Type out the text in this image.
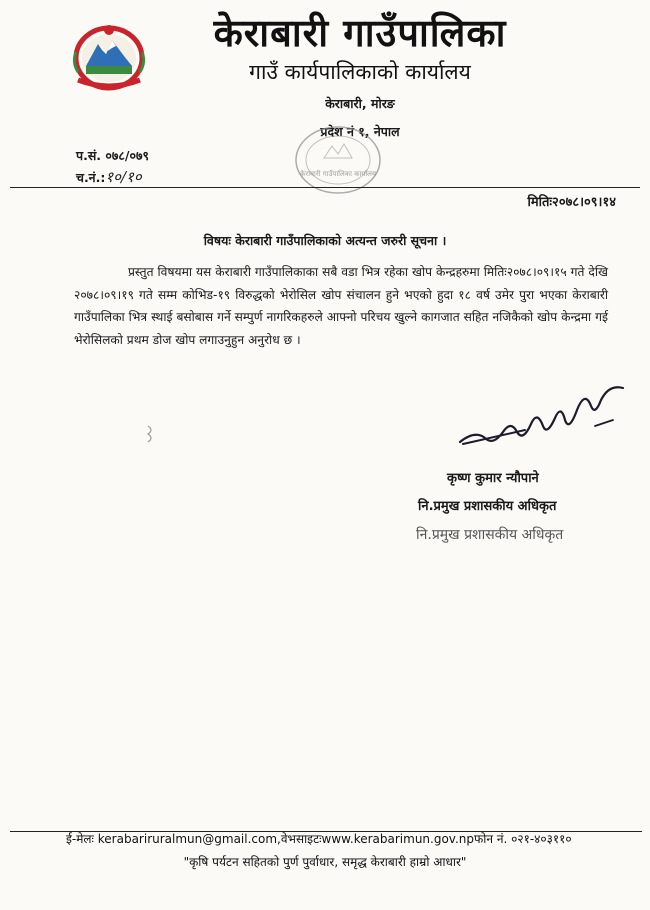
केराबारी गाउँपालिका
गाउँ कार्यपालिकाको कार्यालय
केराबारी, मोरङ
प्रदेश नं १, नेपाल
केराबारी गाउँपालिका कार्यालय
प.सं. ०७८/०७९
च.नं.:१०/१०
मितिः२०७८।०९।१४
विषयः केराबारी गाउँपालिकाको अत्यन्त जरुरी सूचना ।
प्रस्तुत विषयमा यस केराबारी गाउँपालिकाका सबै वडा भित्र रहेका खोप केन्द्रहरुमा मितिः२०७८।०९।१५ गते देखि २०७८।०९।१९ गते सम्म कोभिड-१९ विरुद्धको भेरोसिल खोप संचालन हुने भएको हुदा १८ वर्ष उमेर पुरा भएका केराबारी गाउँपालिका भित्र स्थाई बसोबास गर्ने सम्पुर्ण नागरिकहरुले आफ्नो परिचय खुल्ने कागजात सहित नजिकैको खोप केन्द्रमा गई भेरोसिलको प्रथम डोज खोप लगाउनुहुन अनुरोध छ ।
कृष्ण कुमार न्यौपाने
नि.प्रमुख प्रशासकीय अधिकृत
नि.प्रमुख प्रशासकीय अधिकृत
ई-मेलः kerabariruralmun@gmail.com,वेभसाइटःwww.kerabarimun.gov.npफोन नं. ०२१-४०३११०
"कृषि पर्यटन सहितको पुर्ण पुर्वाधार, समृद्ध केराबारी हाम्रो आधार"
